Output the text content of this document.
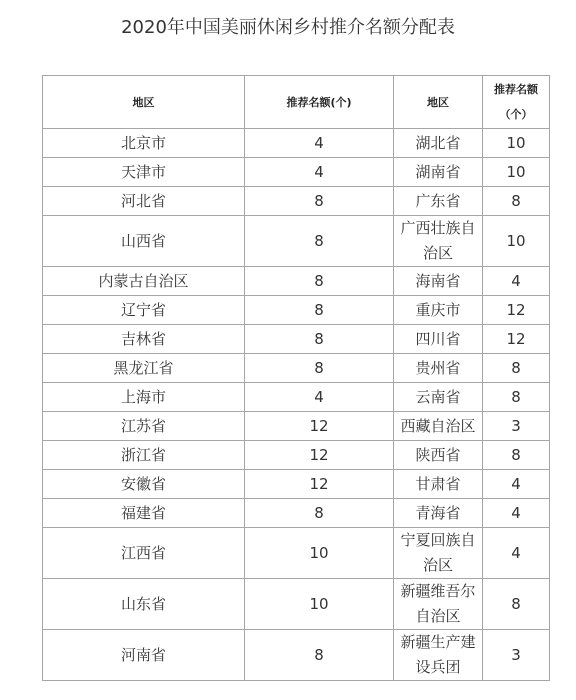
2020年中国美丽休闲乡村推介名额分配表
地区	推荐名额(个)	地区	推荐名额（个）
北京市	4	湖北省	10
天津市	4	湖南省	10
河北省	8	广东省	8
山西省	8	广西壮族自治区	10
内蒙古自治区	8	海南省	4
辽宁省	8	重庆市	12
吉林省	8	四川省	12
黑龙江省	8	贵州省	8
上海市	4	云南省	8
江苏省	12	西藏自治区	3
浙江省	12	陕西省	8
安徽省	12	甘肃省	4
福建省	8	青海省	4
江西省	10	宁夏回族自治区	4
山东省	10	新疆维吾尔自治区	8
河南省	8	新疆生产建设兵团	3
